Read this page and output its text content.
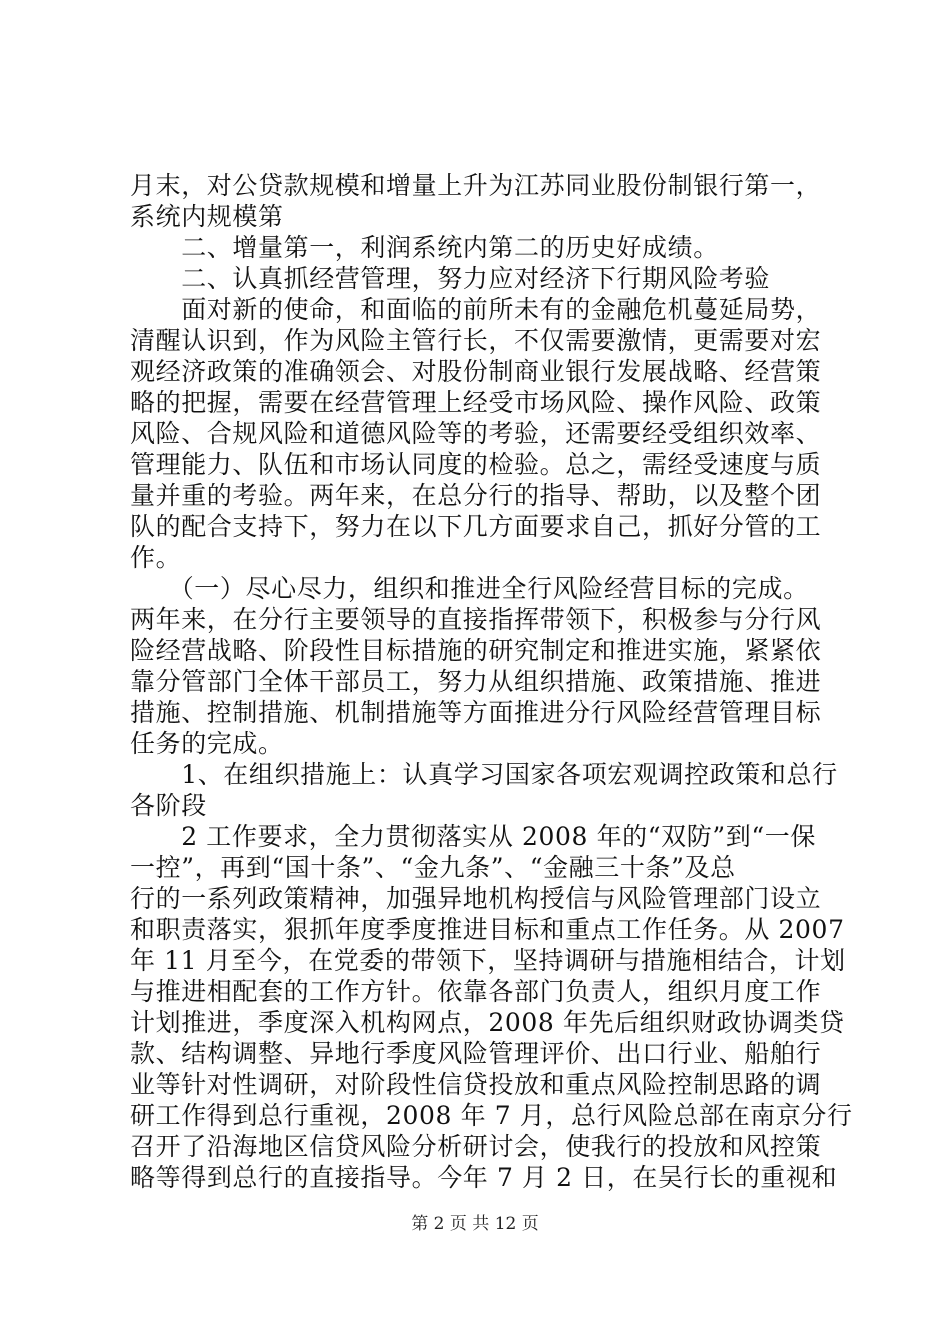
月末，对公贷款规模和增量上升为江苏同业股份制银行第一，
系统内规模第
　　二、增量第一，利润系统内第二的历史好成绩。
　　二、认真抓经营管理，努力应对经济下行期风险考验
　　面对新的使命，和面临的前所未有的金融危机蔓延局势，
清醒认识到，作为风险主管行长，不仅需要激情，更需要对宏
观经济政策的准确领会、对股份制商业银行发展战略、经营策
略的把握，需要在经营管理上经受市场风险、操作风险、政策
风险、合规风险和道德风险等的考验，还需要经受组织效率、
管理能力、队伍和市场认同度的检验。总之，需经受速度与质
量并重的考验。两年来，在总分行的指导、帮助，以及整个团
队的配合支持下，努力在以下几方面要求自己，抓好分管的工
作。
　　（一）尽心尽力，组织和推进全行风险经营目标的完成。
两年来，在分行主要领导的直接指挥带领下，积极参与分行风
险经营战略、阶段性目标措施的研究制定和推进实施，紧紧依
靠分管部门全体干部员工，努力从组织措施、政策措施、推进
措施、控制措施、机制措施等方面推进分行风险经营管理目标
任务的完成。
　　1、在组织措施上：认真学习国家各项宏观调控政策和总行
各阶段
　　2 工作要求，全力贯彻落实从 2008 年的“双防”到“一保
一控”，再到“国十条”、“金九条”、“金融三十条”及总
行的一系列政策精神，加强异地机构授信与风险管理部门设立
和职责落实，狠抓年度季度推进目标和重点工作任务。从 2007
年 11 月至今，在党委的带领下，坚持调研与措施相结合，计划
与推进相配套的工作方针。依靠各部门负责人，组织月度工作
计划推进，季度深入机构网点，2008 年先后组织财政协调类贷
款、结构调整、异地行季度风险管理评价、出口行业、船舶行
业等针对性调研，对阶段性信贷投放和重点风险控制思路的调
研工作得到总行重视，2008 年 7 月，总行风险总部在南京分行
召开了沿海地区信贷风险分析研讨会，使我行的投放和风控策
略等得到总行的直接指导。今年 7 月 2 日，在吴行长的重视和
第 2 页 共 12 页
